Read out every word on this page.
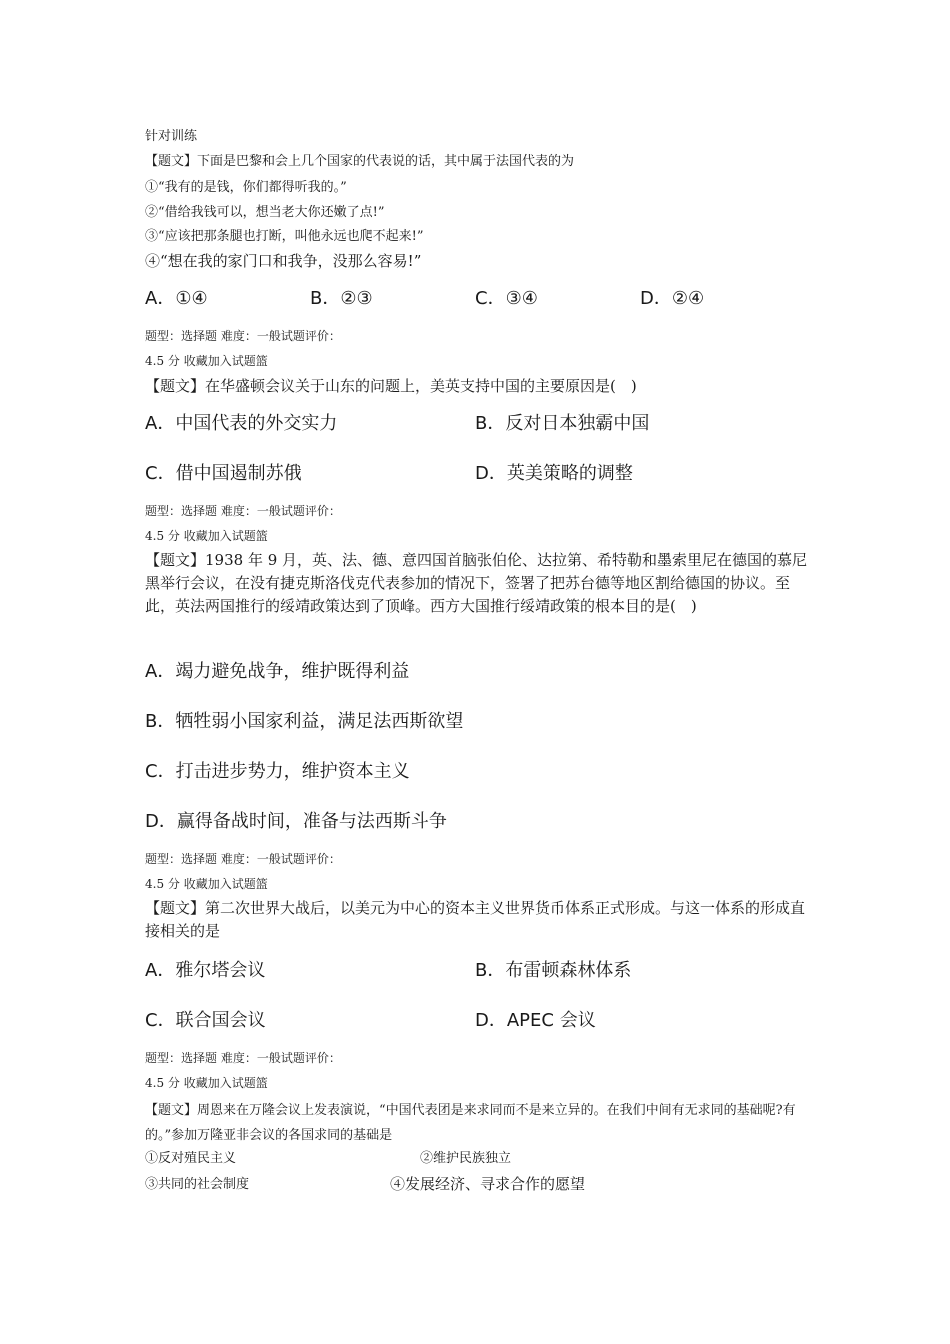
针对训练
【题文】下面是巴黎和会上几个国家的代表说的话，其中属于法国代表的为
①“我有的是钱，你们都得听我的。”
②“借给我钱可以，想当老大你还嫩了点!”
③“应该把那条腿也打断，叫他永远也爬不起来!”
④“想在我的家门口和我争，没那么容易!”
A．①④	B．②③	C．③④	D．②④
题型：选择题 难度：一般试题评价：
4.5 分 收藏加入试题篮
【题文】在华盛顿会议关于山东的问题上，美英支持中国的主要原因是(　)
A．中国代表的外交实力	B．反对日本独霸中国
C．借中国遏制苏俄	D．英美策略的调整
题型：选择题 难度：一般试题评价：
4.5 分 收藏加入试题篮
【题文】1938 年 9 月，英、法、德、意四国首脑张伯伦、达拉第、希特勒和墨索里尼在德国的慕尼黑举行会议，在没有捷克斯洛伐克代表参加的情况下，签署了把苏台德等地区割给德国的协议。至此，英法两国推行的绥靖政策达到了顶峰。西方大国推行绥靖政策的根本目的是(　)
A．竭力避免战争，维护既得利益
B．牺牲弱小国家利益，满足法西斯欲望
C．打击进步势力，维护资本主义
D．赢得备战时间，准备与法西斯斗争
题型：选择题 难度：一般试题评价：
4.5 分 收藏加入试题篮
【题文】第二次世界大战后，以美元为中心的资本主义世界货币体系正式形成。与这一体系的形成直接相关的是
A．雅尔塔会议	B．布雷顿森林体系
C．联合国会议	D．APEC 会议
题型：选择题 难度：一般试题评价：
4.5 分 收藏加入试题篮
【题文】周恩来在万隆会议上发表演说，“中国代表团是来求同而不是来立异的。在我们中间有无求同的基础呢?有的。”参加万隆亚非会议的各国求同的基础是
①反对殖民主义	②维护民族独立
③共同的社会制度	④发展经济、寻求合作的愿望
